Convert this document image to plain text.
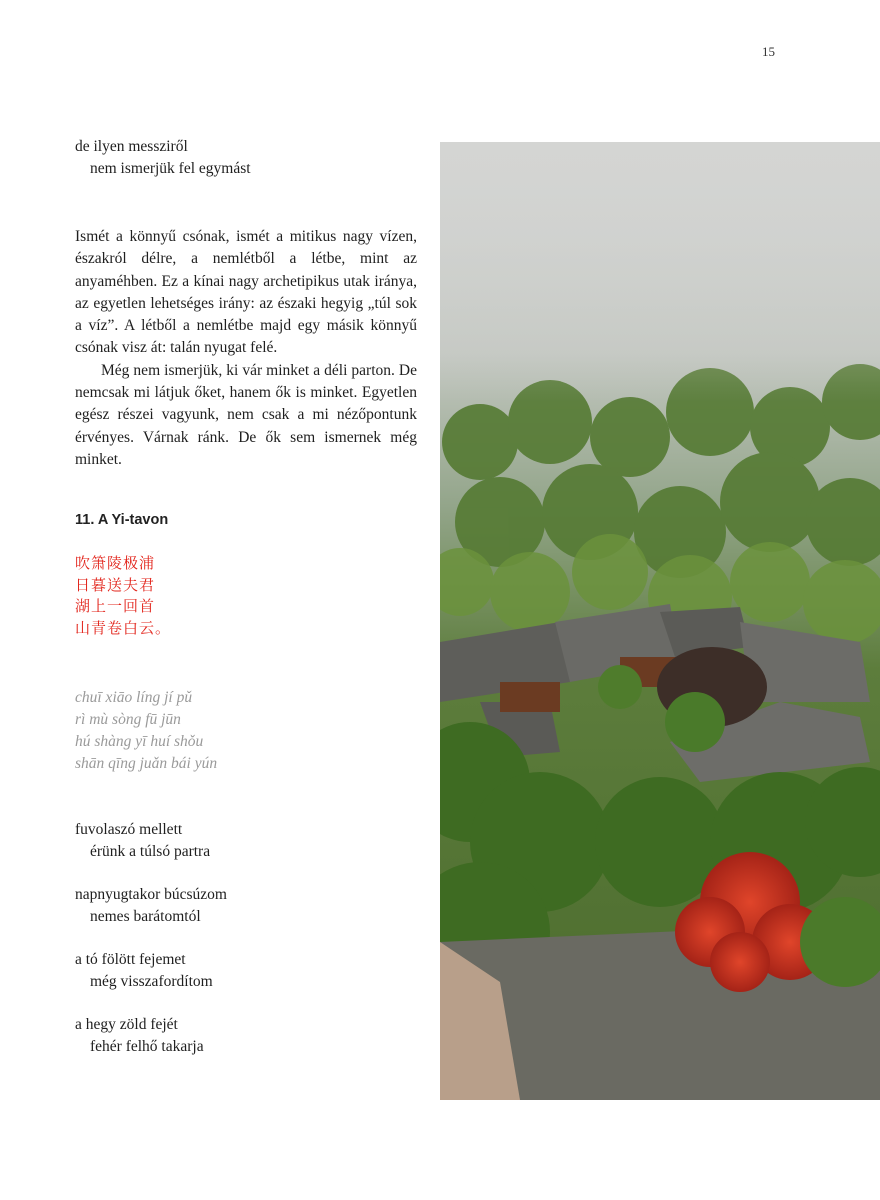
15
de ilyen messziről
nem ismerjük fel egymást

Ismét a könnyű csónak, ismét a mitikus nagy vízen, északról délre, a nemlétből a létbe, mint az anyaméhben. Ez a kínai nagy archetipikus utak iránya, az egyetlen lehetséges irány: az északi hegyig „túl sok a víz”. A létből a nemlétbe majd egy másik könnyű csónak visz át: talán nyugat felé.

Még nem ismerjük, ki vár minket a déli parton. De nemcsak mi látjuk őket, hanem ők is minket. Egyetlen egész részei vagyunk, nem csak a mi nézőpontunk érvényes. Várnak ránk. De ők sem ismernek még minket.

11. A Yi-tavon
吹箫陵极浦
日暮送夫君
湖上一回首
山青卷白云。
chuī xiāo líng jí pǔ
rì mù sòng fū jūn
hú shàng yī huí shǒu
shān qīng juǎn bái yún
fuvolaszó mellett
érünk a túlsó partra
napnyugtakor búcsúzom
nemes barátomtól
a tó fölött fejemet
még visszafordítom
a hegy zöld fejét
fehér felhő takarja
